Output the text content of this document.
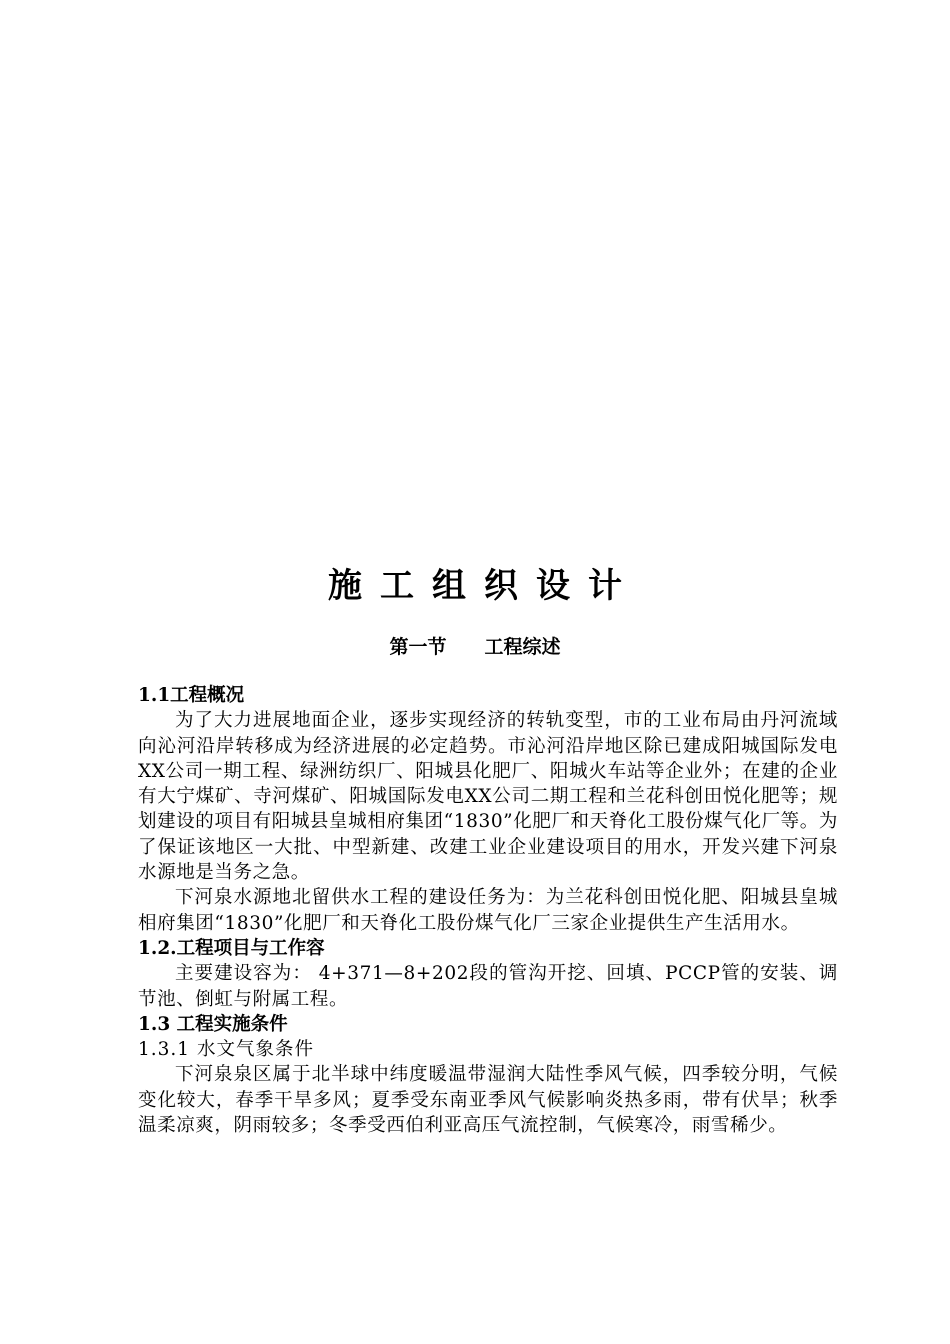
施工组织设计
第一节 工程综述

1.1工程概况

为了大力进展地面企业，逐步实现经济的转轨变型，市的工业布局由丹河流域向沁河沿岸转移成为经济进展的必定趋势。市沁河沿岸地区除已建成阳城国际发电XX公司一期工程、绿洲纺织厂、阳城县化肥厂、阳城火车站等企业外；在建的企业有大宁煤矿、寺河煤矿、阳城国际发电XX公司二期工程和兰花科创田悦化肥等；规划建设的项目有阳城县皇城相府集团“1830”化肥厂和天脊化工股份煤气化厂等。为了保证该地区一大批、中型新建、改建工业企业建设项目的用水，开发兴建下河泉水源地是当务之急。

下河泉水源地北留供水工程的建设任务为：为兰花科创田悦化肥、阳城县皇城相府集团“1830”化肥厂和天脊化工股份煤气化厂三家企业提供生产生活用水。

1.2.工程项目与工作容

主要建设容为： 4+371—8+202段的管沟开挖、回填、PCCP管的安装、调节池、倒虹与附属工程。

1.3 工程实施条件

1.3.1 水文气象条件

下河泉泉区属于北半球中纬度暖温带湿润大陆性季风气候，四季较分明，气候变化较大，春季干旱多风；夏季受东南亚季风气候影响炎热多雨，带有伏旱；秋季温柔凉爽，阴雨较多；冬季受西伯利亚高压气流控制，气候寒冷，雨雪稀少。
